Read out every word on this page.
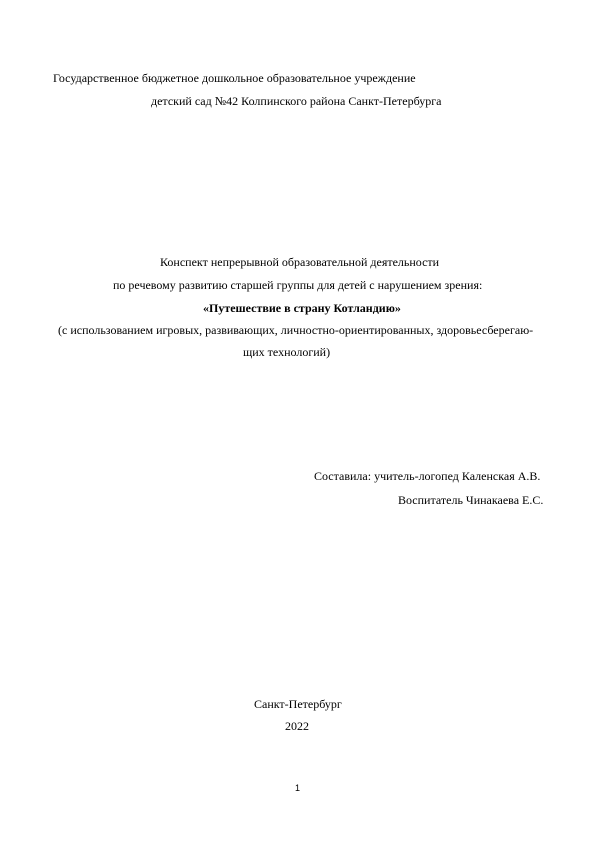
Государственное бюджетное дошкольное образовательное учреждение
детский сад №42 Колпинского района Санкт-Петербурга
Конспект непрерывной образовательной деятельности
по речевому развитию старшей группы для детей с нарушением зрения:
«Путешествие в страну Котландию»
(с использованием игровых, развивающих, личностно-ориентированных, здоровьесберегаю-
щих технологий)
Составила: учитель-логопед Каленская А.В.
Воспитатель Чинакаева Е.С.
Санкт-Петербург
2022
1
